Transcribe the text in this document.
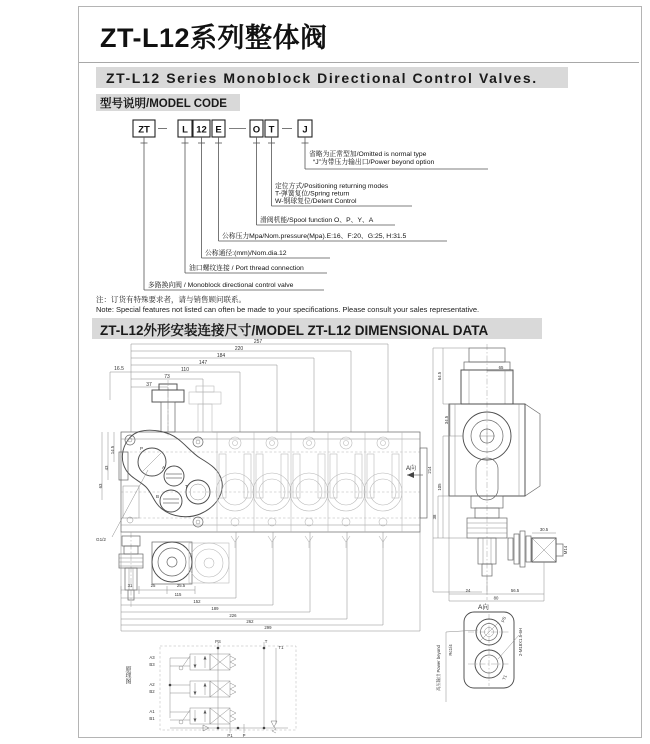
ZT-L12系列整体阀
ZT-L12 Series Monoblock Directional Control Valves.
型号说明/MODEL CODE
ZT	L 12 E	O T	J
省略为正常型加/Omitted is normal type
“J”为带压力输出口/Power beyond option
定位方式/Positioning returning modes
T-弹簧复位/Spring return
W-钢球复位/Detent Control
滑阀机能/Spool function O、P、Y、A
公称压力Mpa/Nom.pressure(Mpa).E:16、F:20、G:25, H:31.5
公称通径:(mm)/Nom.dia.12
油口螺纹连接 / Port thread connection
多路换向阀 / Monoblock directional control valve
注：订货有特殊要求者，请与销售顾问联系。
Note: Special features not listed can often be made to your specifications. Please consult your sales representative.
ZT-L12外形安装连接尺寸/MODEL ZT-L12 DIMENSIONAL DATA
257
220
184
147
110
73
37
16.5
P
A
B
T
G1/2
14.5
43
63
31	25	25.5
115
152
189
226
262
299
A向
30.5
M14
214
64.5
34.5
105
38
65
24	56.5
80
A向
PS
T1
2-M18X1.5-6H
Rc1/4
高压输出 Power beyond
原理图
PS	T
T1
A3
B3
A2
B2
A1
B1
P1 P
